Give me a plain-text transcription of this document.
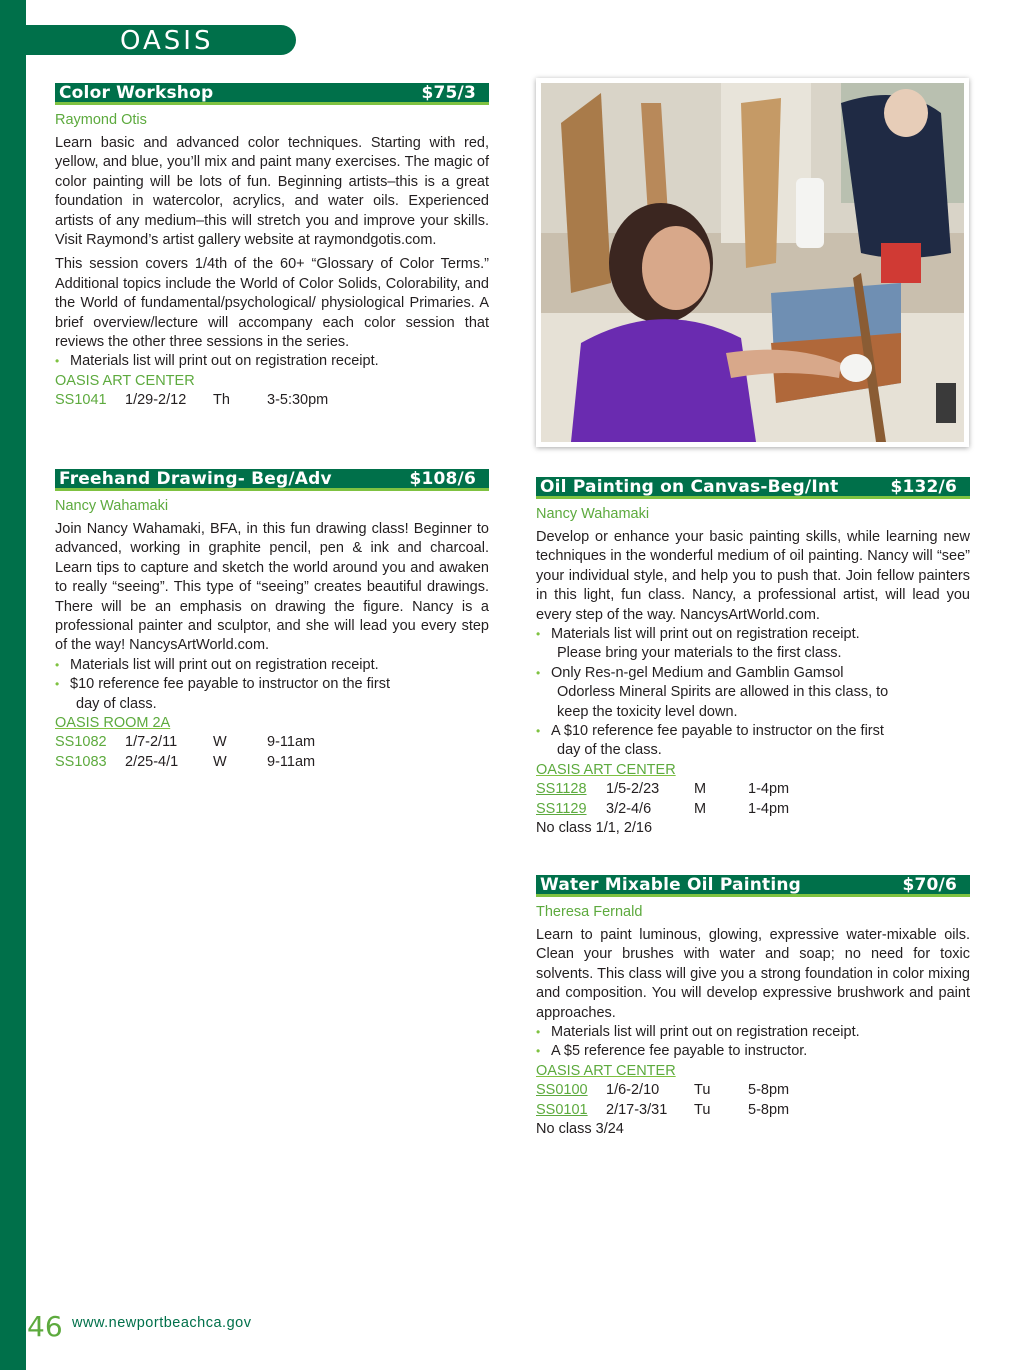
OASIS
Color Workshop	$75/3
Raymond Otis

Learn basic and advanced color techniques. Starting with red, yellow, and blue, you’ll mix and paint many exercises. The magic of color painting will be lots of fun. Beginning artists–this is a great foundation in watercolor, acrylics, and water oils. Experienced artists of any medium–this will stretch you and improve your skills. Visit Raymond’s artist gallery website at raymondgotis.com.

This session covers 1/4th of the 60+ “Glossary of Color Terms.” Additional topics include the World of Color Solids, Colorability, and the World of fundamental/psychological/ physiological Primaries. A brief overview/lecture will accompany each color session that reviews the other three sessions in the series.

• Materials list will print out on registration receipt.
OASIS ART CENTER
SS1041	1/29-2/12	Th	3-5:30pm
Freehand Drawing- Beg/Adv	$108/6
Nancy Wahamaki

Join Nancy Wahamaki, BFA, in this fun drawing class! Beginner to advanced, working in graphite pencil, pen & ink and charcoal. Learn tips to capture and sketch the world around you and awaken to really “seeing”. This type of “seeing” creates beautiful drawings. There will be an emphasis on drawing the figure. Nancy is a professional painter and sculptor, and she will lead you every step of the way! NancysArtWorld.com.

• Materials list will print out on registration receipt.
• $10 reference fee payable to instructor on the first
day of class.
OASIS ROOM 2A
SS1082	1/7-2/11	W	9-11am
SS1083	2/25-4/1	W	9-11am
Oil Painting on Canvas-Beg/Int	$132/6
Nancy Wahamaki

Develop or enhance your basic painting skills, while learning new techniques in the wonderful medium of oil painting. Nancy will “see” your individual style, and help you to push that. Join fellow painters in this light, fun class. Nancy, a professional artist, will lead you every step of the way. NancysArtWorld.com.

• Materials list will print out on registration receipt.
Please bring your materials to the first class.
• Only Res-n-gel Medium and Gamblin Gamsol
Odorless Mineral Spirits are allowed in this class, to
keep the toxicity level down.
• A $10 reference fee payable to instructor on the first
day of the class.
OASIS ART CENTER
SS1128	1/5-2/23	M	1-4pm
SS1129	3/2-4/6	M	1-4pm
No class 1/1, 2/16
Water Mixable Oil Painting	$70/6
Theresa Fernald

Learn to paint luminous, glowing, expressive water-mixable oils. Clean your brushes with water and soap; no need for toxic solvents. This class will give you a strong foundation in color mixing and composition. You will develop expressive brushwork and paint approaches.

• Materials list will print out on registration receipt.
• A $5 reference fee payable to instructor.
OASIS ART CENTER
SS0100	1/6-2/10	Tu	5-8pm
SS0101	2/17-3/31	Tu	5-8pm
No class 3/24
46 www.newportbeachca.gov
